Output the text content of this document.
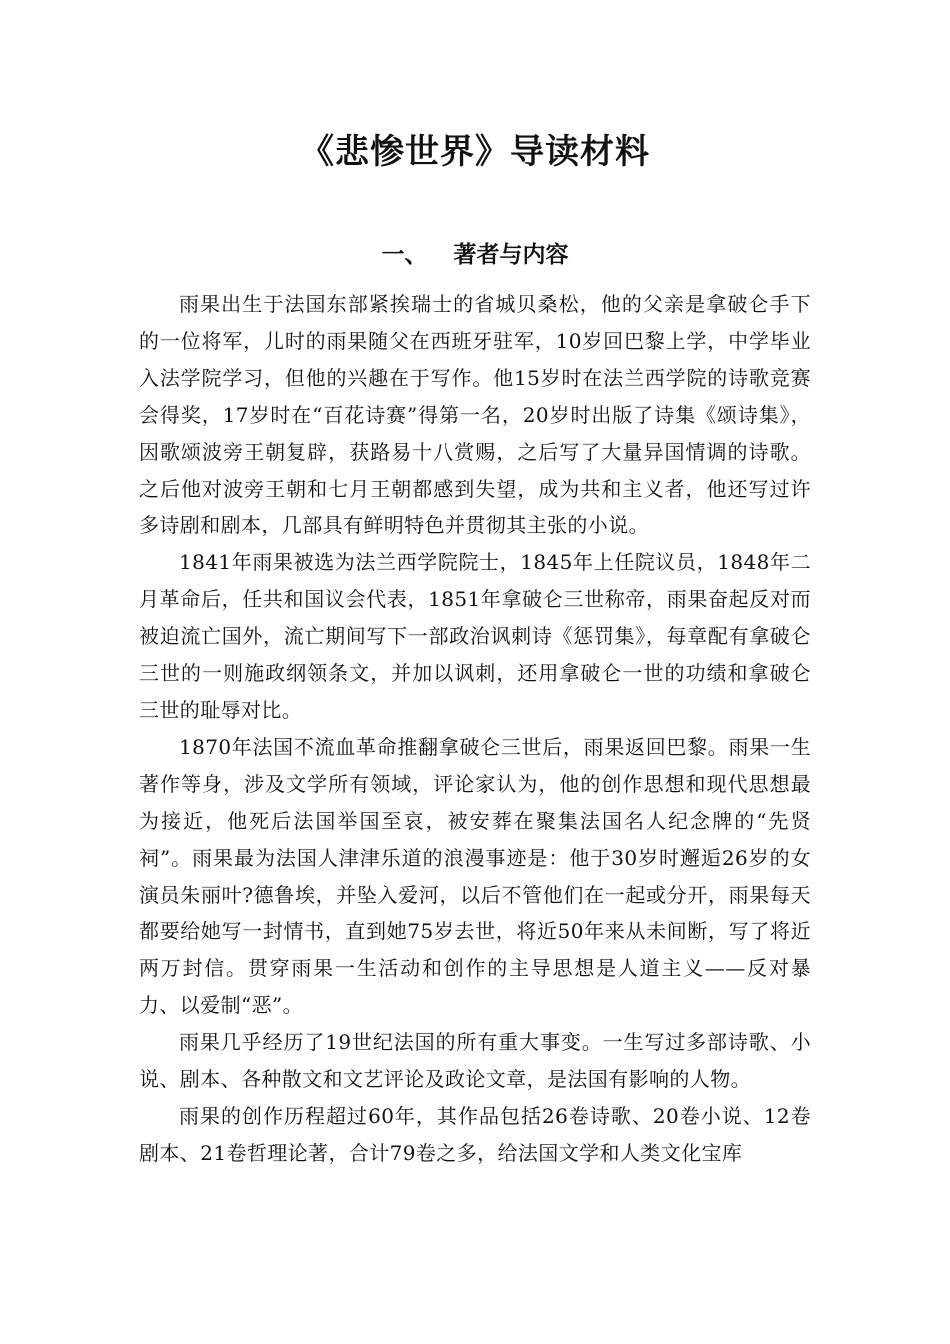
《悲惨世界》导读材料
一、 著者与内容

雨果出生于法国东部紧挨瑞士的省城贝桑松，他的父亲是拿破仑手下的一位将军，儿时的雨果随父在西班牙驻军，10岁回巴黎上学，中学毕业入法学院学习，但他的兴趣在于写作。他15岁时在法兰西学院的诗歌竞赛会得奖，17岁时在“百花诗赛”得第一名，20岁时出版了诗集《颂诗集》，因歌颂波旁王朝复辟，获路易十八赏赐，之后写了大量异国情调的诗歌。之后他对波旁王朝和七月王朝都感到失望，成为共和主义者，他还写过许多诗剧和剧本，几部具有鲜明特色并贯彻其主张的小说。

1841年雨果被选为法兰西学院院士，1845年上任院议员，1848年二月革命后，任共和国议会代表，1851年拿破仑三世称帝，雨果奋起反对而被迫流亡国外，流亡期间写下一部政治讽刺诗《惩罚集》，每章配有拿破仑三世的一则施政纲领条文，并加以讽刺，还用拿破仑一世的功绩和拿破仑三世的耻辱对比。

1870年法国不流血革命推翻拿破仑三世后，雨果返回巴黎。雨果一生著作等身，涉及文学所有领域，评论家认为，他的创作思想和现代思想最为接近，他死后法国举国至哀，被安葬在聚集法国名人纪念牌的“先贤祠”。雨果最为法国人津津乐道的浪漫事迹是：他于30岁时邂逅26岁的女演员朱丽叶?德鲁埃，并坠入爱河，以后不管他们在一起或分开，雨果每天都要给她写一封情书，直到她75岁去世，将近50年来从未间断，写了将近两万封信。贯穿雨果一生活动和创作的主导思想是人道主义——反对暴力、以爱制“恶”。

雨果几乎经历了19世纪法国的所有重大事变。一生写过多部诗歌、小说、剧本、各种散文和文艺评论及政论文章，是法国有影响的人物。

雨果的创作历程超过60年，其作品包括26卷诗歌、20卷小说、12卷剧本、21卷哲理论著，合计79卷之多，给法国文学和人类文化宝库
